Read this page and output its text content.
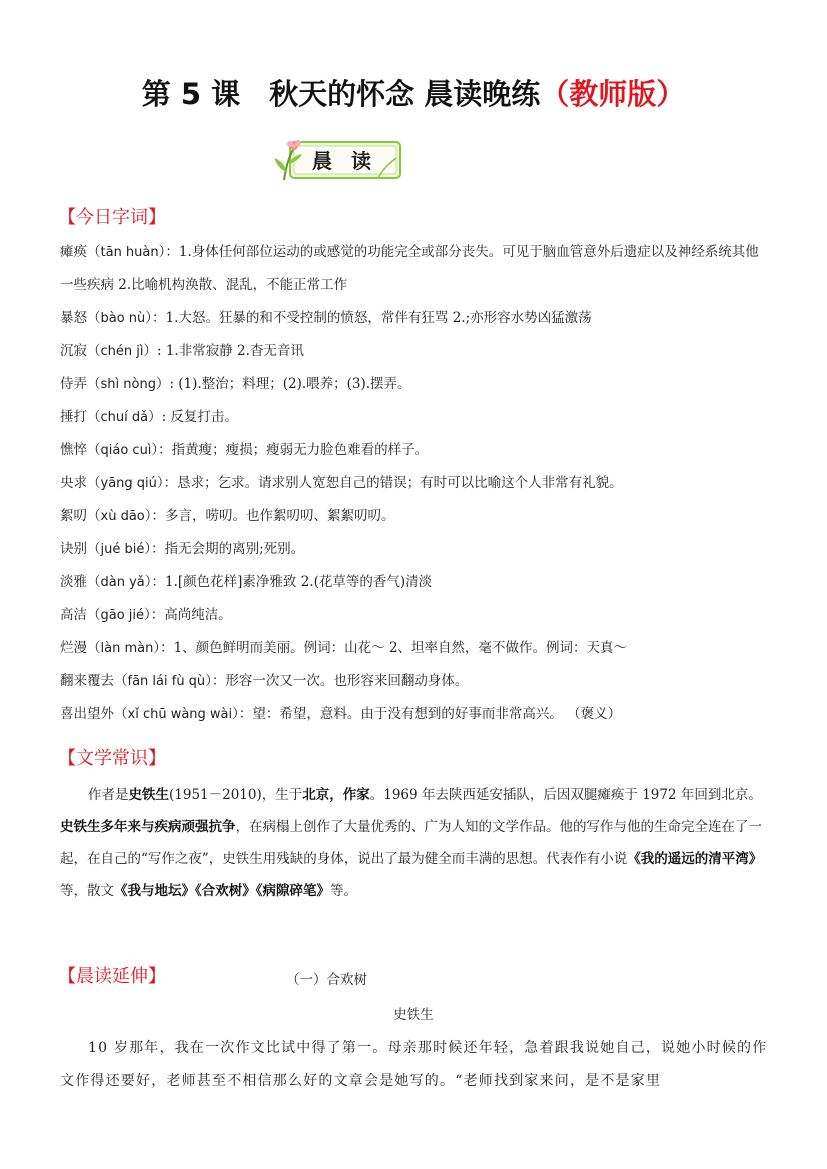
第 5 课　秋天的怀念 晨读晚练（教师版）
晨 读
【今日字词】
瘫痪（tān huàn）：1.身体任何部位运动的或感觉的功能完全或部分丧失。可见于脑血管意外后遗症以及神经系统其他一些疾病 2.比喻机构涣散、混乱，不能正常工作
暴怒（bào nù）：1.大怒。狂暴的和不受控制的愤怒，常伴有狂骂 2.;亦形容水势凶猛激荡
沉寂（chén jì）: 1.非常寂静 2.杳无音讯
侍弄（shì nòng）: (1).整治；料理；(2).喂养；(3).摆弄。
捶打（chuí dǎ）: 反复打击。
憔悴（qiáo cuì）：指黄瘦；瘦损；瘦弱无力脸色难看的样子。
央求（yāng qiú）：恳求；乞求。请求别人宽恕自己的错误；有时可以比喻这个人非常有礼貌。
絮叨（xù dāo）：多言，唠叨。也作絮叨叨、絮絮叨叨。
诀别（jué bié）：指无会期的离别;死别。
淡雅（dàn yǎ）：1.[颜色花样]素净雅致 2.(花草等的香气)清淡
高洁（gāo jié）：高尚纯洁。
烂漫（làn màn）：1、颜色鲜明而美丽。例词：山花～ 2、坦率自然，毫不做作。例词：天真～
翻来覆去（fān lái fù qù）：形容一次又一次。也形容来回翻动身体。
喜出望外（xǐ chū wàng wài）：望：希望，意料。由于没有想到的好事而非常高兴。 （褒义）
【文学常识】
作者是史铁生(1951－2010)，生于北京，作家。1969 年去陕西延安插队，后因双腿瘫痪于 1972 年回到北京。史铁生多年来与疾病顽强抗争，在病榻上创作了大量优秀的、广为人知的文学作品。他的写作与他的生命完全连在了一起，在自己的“写作之夜”，史铁生用残缺的身体，说出了最为健全而丰满的思想。代表作有小说《我的遥远的清平湾》等，散文《我与地坛》《合欢树》《病隙碎笔》等。
【晨读延伸】	（一）合欢树
史铁生
10 岁那年，我在一次作文比试中得了第一。母亲那时候还年轻，急着跟我说她自己，说她小时候的作文作得还要好，老师甚至不相信那么好的文章会是她写的。“老师找到家来问，是不是家里
